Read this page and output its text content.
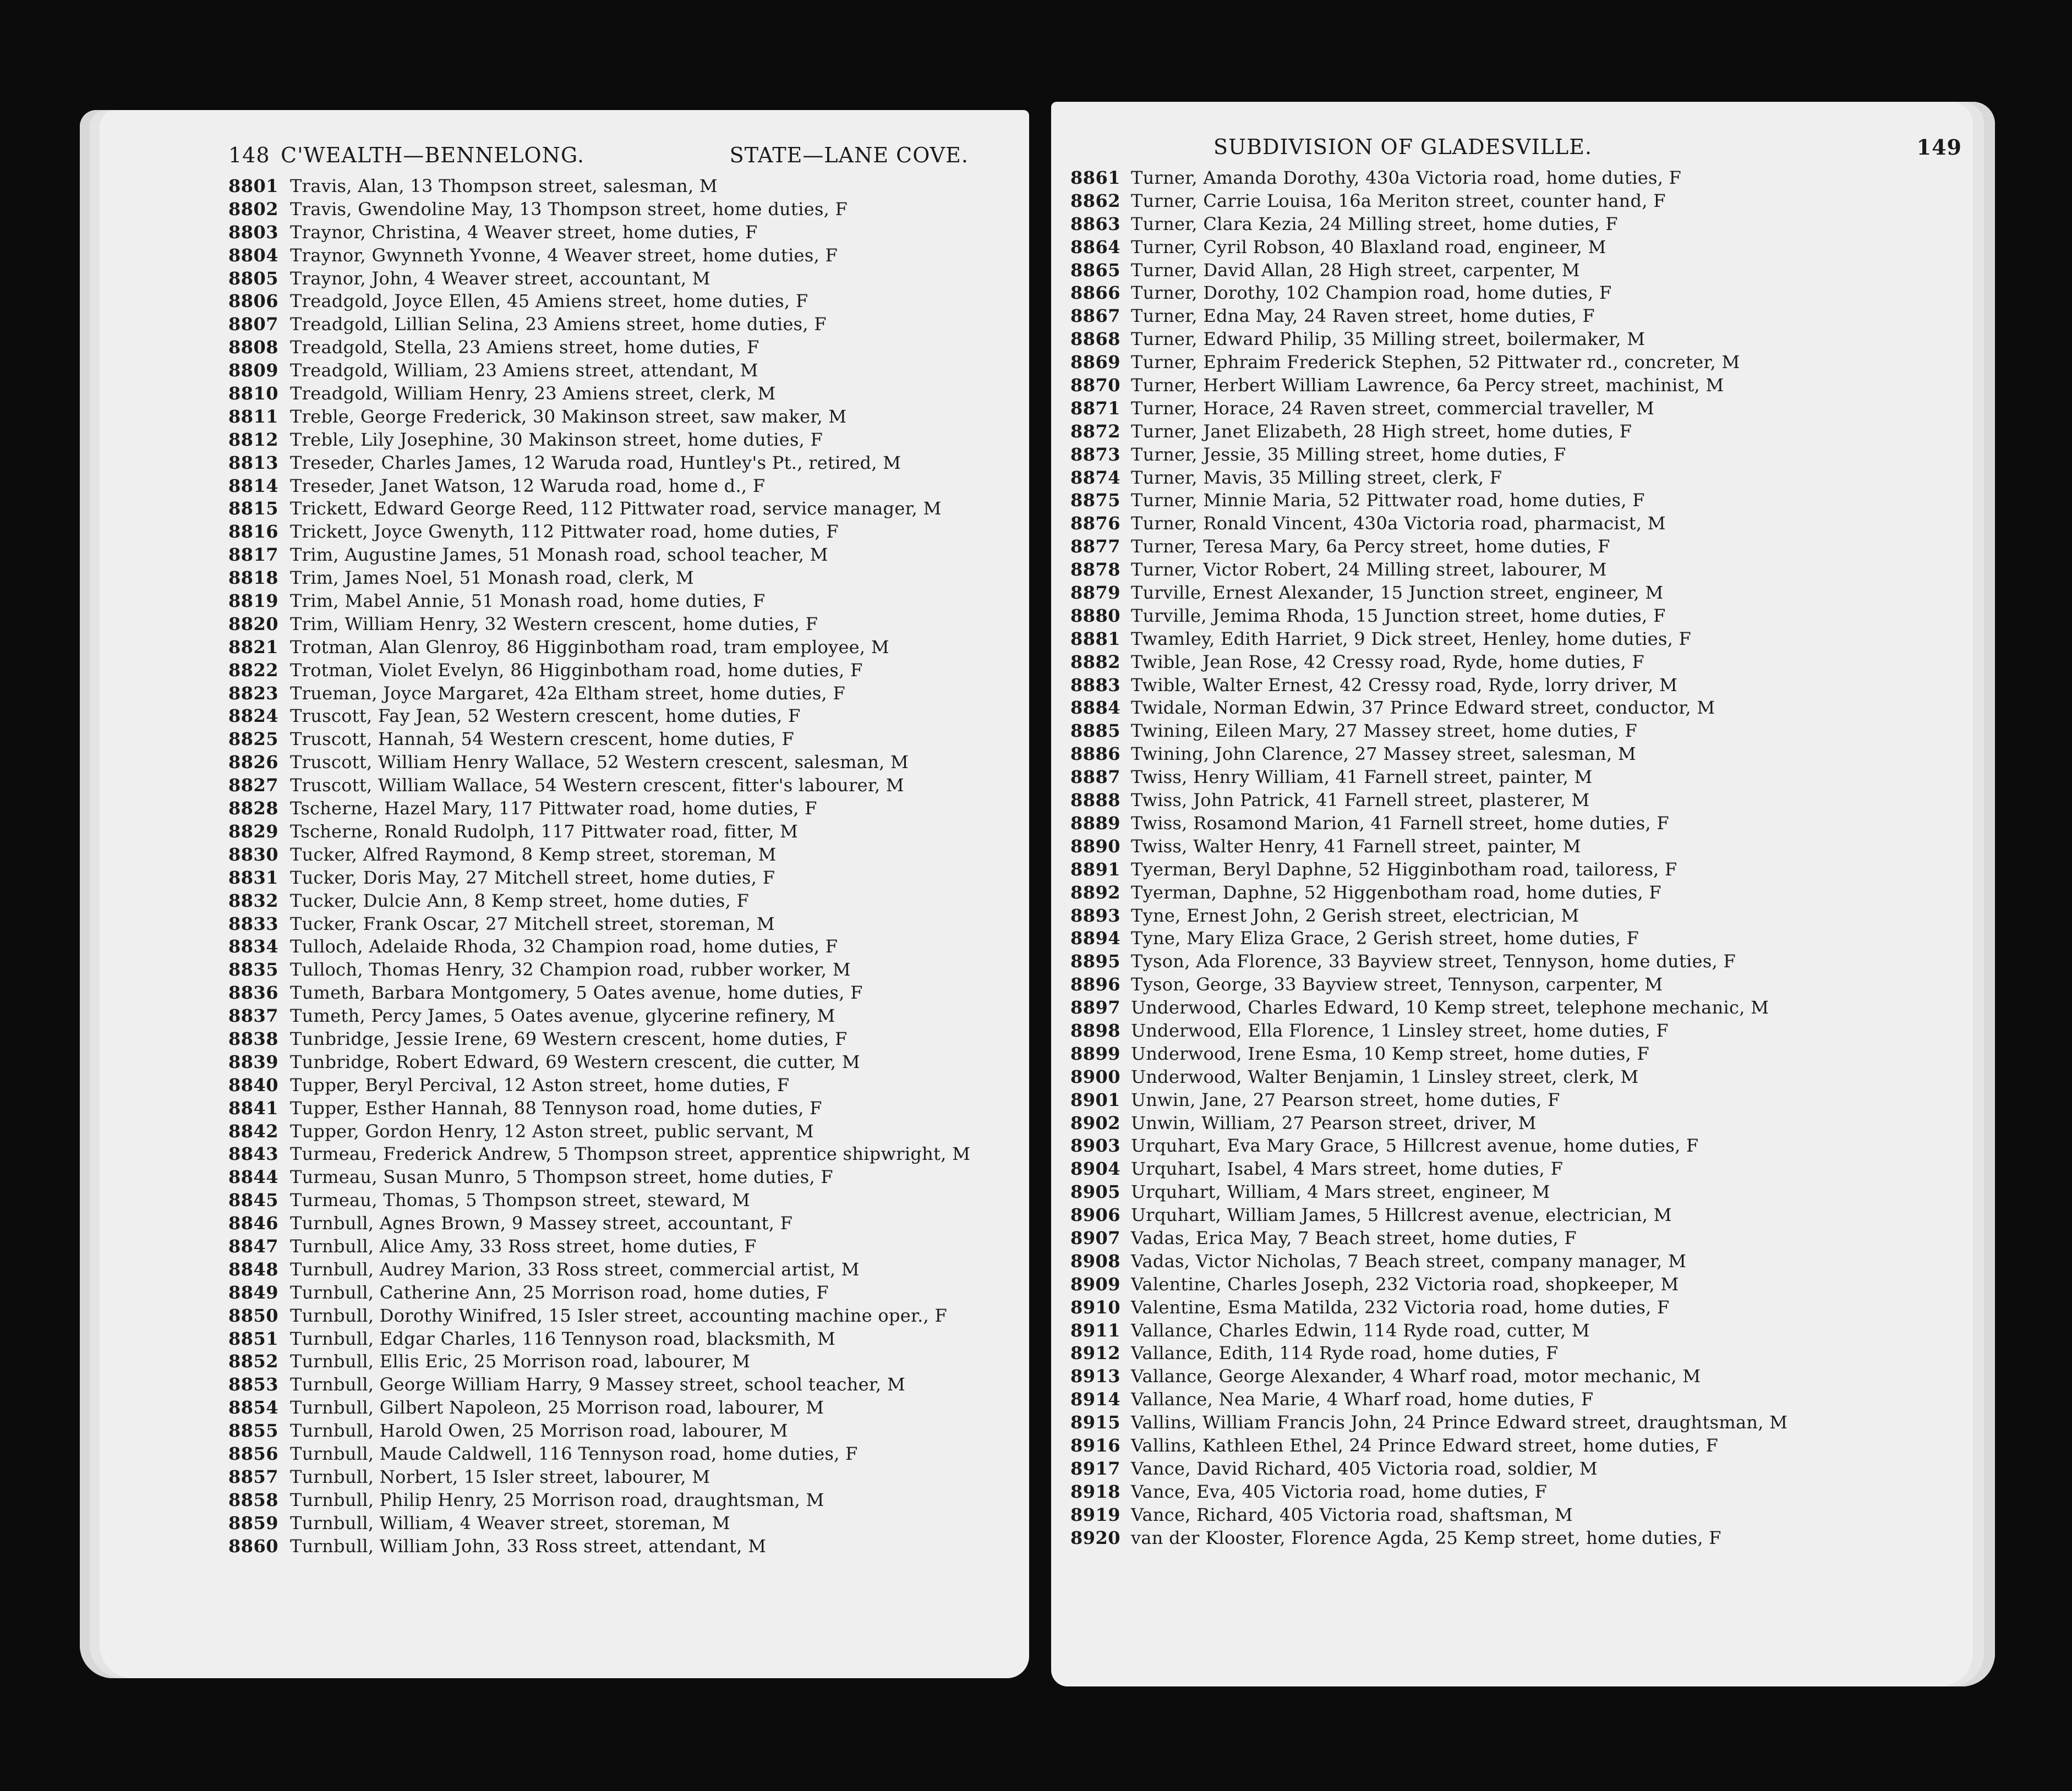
148 C'WEALTH—BENNELONG.	STATE—LANE COVE.
8801 Travis, Alan, 13 Thompson street, salesman, M
8802 Travis, Gwendoline May, 13 Thompson street, home duties, F
8803 Traynor, Christina, 4 Weaver street, home duties, F
8804 Traynor, Gwynneth Yvonne, 4 Weaver street, home duties, F
8805 Traynor, John, 4 Weaver street, accountant, M
8806 Treadgold, Joyce Ellen, 45 Amiens street, home duties, F
8807 Treadgold, Lillian Selina, 23 Amiens street, home duties, F
8808 Treadgold, Stella, 23 Amiens street, home duties, F
8809 Treadgold, William, 23 Amiens street, attendant, M
8810 Treadgold, William Henry, 23 Amiens street, clerk, M
8811 Treble, George Frederick, 30 Makinson street, saw maker, M
8812 Treble, Lily Josephine, 30 Makinson street, home duties, F
8813 Treseder, Charles James, 12 Waruda road, Huntley's Pt., retired, M
8814 Treseder, Janet Watson, 12 Waruda road, home d., F
8815 Trickett, Edward George Reed, 112 Pittwater road, service manager, M
8816 Trickett, Joyce Gwenyth, 112 Pittwater road, home duties, F
8817 Trim, Augustine James, 51 Monash road, school teacher, M
8818 Trim, James Noel, 51 Monash road, clerk, M
8819 Trim, Mabel Annie, 51 Monash road, home duties, F
8820 Trim, William Henry, 32 Western crescent, home duties, F
8821 Trotman, Alan Glenroy, 86 Higginbotham road, tram employee, M
8822 Trotman, Violet Evelyn, 86 Higginbotham road, home duties, F
8823 Trueman, Joyce Margaret, 42a Eltham street, home duties, F
8824 Truscott, Fay Jean, 52 Western crescent, home duties, F
8825 Truscott, Hannah, 54 Western crescent, home duties, F
8826 Truscott, William Henry Wallace, 52 Western crescent, salesman, M
8827 Truscott, William Wallace, 54 Western crescent, fitter's labourer, M
8828 Tscherne, Hazel Mary, 117 Pittwater road, home duties, F
8829 Tscherne, Ronald Rudolph, 117 Pittwater road, fitter, M
8830 Tucker, Alfred Raymond, 8 Kemp street, storeman, M
8831 Tucker, Doris May, 27 Mitchell street, home duties, F
8832 Tucker, Dulcie Ann, 8 Kemp street, home duties, F
8833 Tucker, Frank Oscar, 27 Mitchell street, storeman, M
8834 Tulloch, Adelaide Rhoda, 32 Champion road, home duties, F
8835 Tulloch, Thomas Henry, 32 Champion road, rubber worker, M
8836 Tumeth, Barbara Montgomery, 5 Oates avenue, home duties, F
8837 Tumeth, Percy James, 5 Oates avenue, glycerine refinery, M
8838 Tunbridge, Jessie Irene, 69 Western crescent, home duties, F
8839 Tunbridge, Robert Edward, 69 Western crescent, die cutter, M
8840 Tupper, Beryl Percival, 12 Aston street, home duties, F
8841 Tupper, Esther Hannah, 88 Tennyson road, home duties, F
8842 Tupper, Gordon Henry, 12 Aston street, public servant, M
8843 Turmeau, Frederick Andrew, 5 Thompson street, apprentice shipwright, M
8844 Turmeau, Susan Munro, 5 Thompson street, home duties, F
8845 Turmeau, Thomas, 5 Thompson street, steward, M
8846 Turnbull, Agnes Brown, 9 Massey street, accountant, F
8847 Turnbull, Alice Amy, 33 Ross street, home duties, F
8848 Turnbull, Audrey Marion, 33 Ross street, commercial artist, M
8849 Turnbull, Catherine Ann, 25 Morrison road, home duties, F
8850 Turnbull, Dorothy Winifred, 15 Isler street, accounting machine oper., F
8851 Turnbull, Edgar Charles, 116 Tennyson road, blacksmith, M
8852 Turnbull, Ellis Eric, 25 Morrison road, labourer, M
8853 Turnbull, George William Harry, 9 Massey street, school teacher, M
8854 Turnbull, Gilbert Napoleon, 25 Morrison road, labourer, M
8855 Turnbull, Harold Owen, 25 Morrison road, labourer, M
8856 Turnbull, Maude Caldwell, 116 Tennyson road, home duties, F
8857 Turnbull, Norbert, 15 Isler street, labourer, M
8858 Turnbull, Philip Henry, 25 Morrison road, draughtsman, M
8859 Turnbull, William, 4 Weaver street, storeman, M
8860 Turnbull, William John, 33 Ross street, attendant, M
SUBDIVISION OF GLADESVILLE.	149
8861 Turner, Amanda Dorothy, 430a Victoria road, home duties, F
8862 Turner, Carrie Louisa, 16a Meriton street, counter hand, F
8863 Turner, Clara Kezia, 24 Milling street, home duties, F
8864 Turner, Cyril Robson, 40 Blaxland road, engineer, M
8865 Turner, David Allan, 28 High street, carpenter, M
8866 Turner, Dorothy, 102 Champion road, home duties, F
8867 Turner, Edna May, 24 Raven street, home duties, F
8868 Turner, Edward Philip, 35 Milling street, boilermaker, M
8869 Turner, Ephraim Frederick Stephen, 52 Pittwater rd., concreter, M
8870 Turner, Herbert William Lawrence, 6a Percy street, machinist, M
8871 Turner, Horace, 24 Raven street, commercial traveller, M
8872 Turner, Janet Elizabeth, 28 High street, home duties, F
8873 Turner, Jessie, 35 Milling street, home duties, F
8874 Turner, Mavis, 35 Milling street, clerk, F
8875 Turner, Minnie Maria, 52 Pittwater road, home duties, F
8876 Turner, Ronald Vincent, 430a Victoria road, pharmacist, M
8877 Turner, Teresa Mary, 6a Percy street, home duties, F
8878 Turner, Victor Robert, 24 Milling street, labourer, M
8879 Turville, Ernest Alexander, 15 Junction street, engineer, M
8880 Turville, Jemima Rhoda, 15 Junction street, home duties, F
8881 Twamley, Edith Harriet, 9 Dick street, Henley, home duties, F
8882 Twible, Jean Rose, 42 Cressy road, Ryde, home duties, F
8883 Twible, Walter Ernest, 42 Cressy road, Ryde, lorry driver, M
8884 Twidale, Norman Edwin, 37 Prince Edward street, conductor, M
8885 Twining, Eileen Mary, 27 Massey street, home duties, F
8886 Twining, John Clarence, 27 Massey street, salesman, M
8887 Twiss, Henry William, 41 Farnell street, painter, M
8888 Twiss, John Patrick, 41 Farnell street, plasterer, M
8889 Twiss, Rosamond Marion, 41 Farnell street, home duties, F
8890 Twiss, Walter Henry, 41 Farnell street, painter, M
8891 Tyerman, Beryl Daphne, 52 Higginbotham road, tailoress, F
8892 Tyerman, Daphne, 52 Higgenbotham road, home duties, F
8893 Tyne, Ernest John, 2 Gerish street, electrician, M
8894 Tyne, Mary Eliza Grace, 2 Gerish street, home duties, F
8895 Tyson, Ada Florence, 33 Bayview street, Tennyson, home duties, F
8896 Tyson, George, 33 Bayview street, Tennyson, carpenter, M
8897 Underwood, Charles Edward, 10 Kemp street, telephone mechanic, M
8898 Underwood, Ella Florence, 1 Linsley street, home duties, F
8899 Underwood, Irene Esma, 10 Kemp street, home duties, F
8900 Underwood, Walter Benjamin, 1 Linsley street, clerk, M
8901 Unwin, Jane, 27 Pearson street, home duties, F
8902 Unwin, William, 27 Pearson street, driver, M
8903 Urquhart, Eva Mary Grace, 5 Hillcrest avenue, home duties, F
8904 Urquhart, Isabel, 4 Mars street, home duties, F
8905 Urquhart, William, 4 Mars street, engineer, M
8906 Urquhart, William James, 5 Hillcrest avenue, electrician, M
8907 Vadas, Erica May, 7 Beach street, home duties, F
8908 Vadas, Victor Nicholas, 7 Beach street, company manager, M
8909 Valentine, Charles Joseph, 232 Victoria road, shopkeeper, M
8910 Valentine, Esma Matilda, 232 Victoria road, home duties, F
8911 Vallance, Charles Edwin, 114 Ryde road, cutter, M
8912 Vallance, Edith, 114 Ryde road, home duties, F
8913 Vallance, George Alexander, 4 Wharf road, motor mechanic, M
8914 Vallance, Nea Marie, 4 Wharf road, home duties, F
8915 Vallins, William Francis John, 24 Prince Edward street, draughtsman, M
8916 Vallins, Kathleen Ethel, 24 Prince Edward street, home duties, F
8917 Vance, David Richard, 405 Victoria road, soldier, M
8918 Vance, Eva, 405 Victoria road, home duties, F
8919 Vance, Richard, 405 Victoria road, shaftsman, M
8920 van der Klooster, Florence Agda, 25 Kemp street, home duties, F
